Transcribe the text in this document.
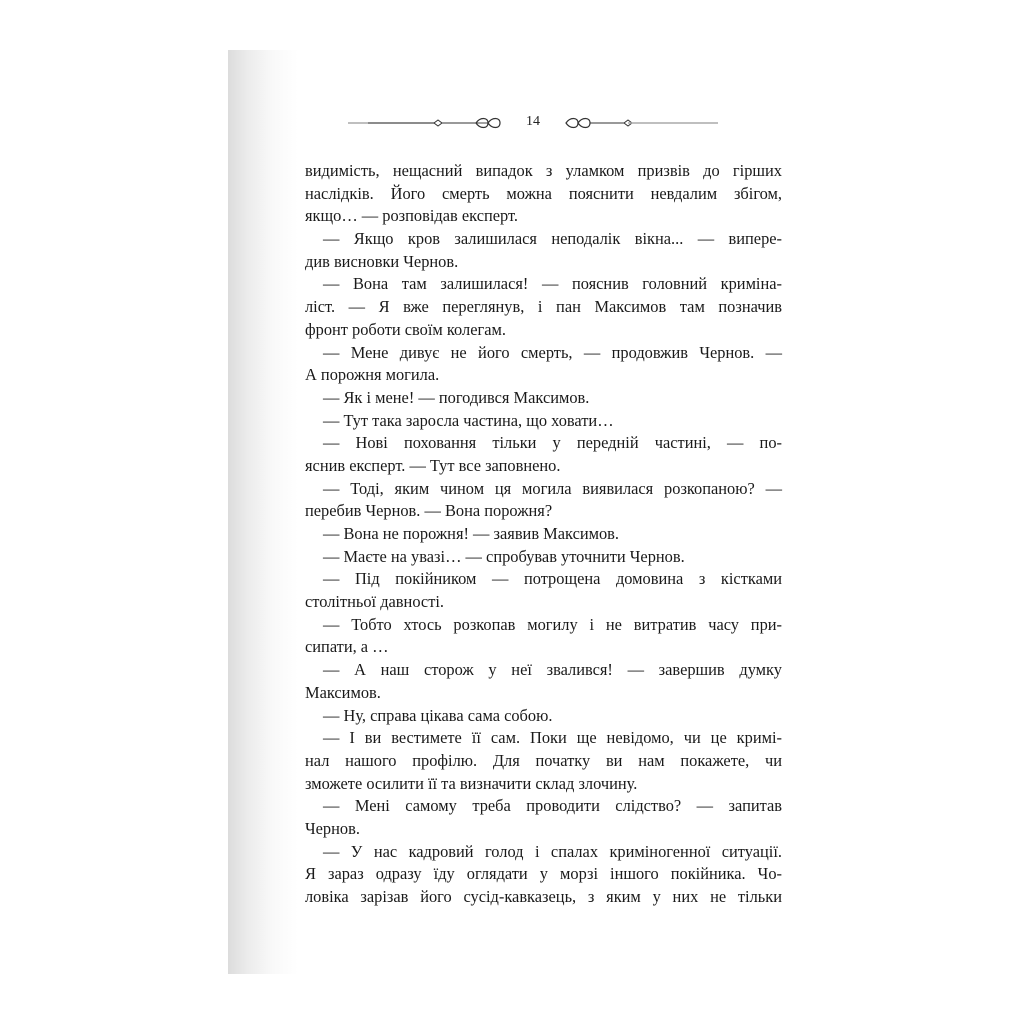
14
видимість, нещасний випадок з уламком призвів до гірших
наслідків. Його смерть можна пояснити невдалим збігом,
якщо… — розповідав експерт.
— Якщо кров залишилася неподалік вікна... — випере-
див висновки Чернов.
— Вона там залишилася! — пояснив головний криміна-
ліст. — Я вже переглянув, і пан Максимов там позначив
фронт роботи своїм колегам.
— Мене дивує не його смерть, — продовжив Чернов. —
А порожня могила.
— Як і мене! — погодився Максимов.
— Тут така заросла частина, що ховати…
— Нові поховання тільки у передній частині, — по-
яснив експерт. — Тут все заповнено.
— Тоді, яким чином ця могила виявилася розкопаною? —
перебив Чернов. — Вона порожня?
— Вона не порожня! — заявив Максимов.
— Маєте на увазі… — спробував уточнити Чернов.
— Під покійником — потрощена домовина з кістками
столітньої давності.
— Тобто хтось розкопав могилу і не витратив часу при-
сипати, а …
— А наш сторож у неї звалився! — завершив думку
Максимов.
— Ну, справа цікава сама собою.
— І ви вестимете її сам. Поки ще невідомо, чи це кримі-
нал нашого профілю. Для початку ви нам покажете, чи
зможете осилити її та визначити склад злочину.
— Мені самому треба проводити слідство? — запитав
Чернов.
— У нас кадровий голод і спалах криміногенної ситуації.
Я зараз одразу їду оглядати у морзі іншого покійника. Чо-
ловіка зарізав його сусід-кавказець, з яким у них не тільки
